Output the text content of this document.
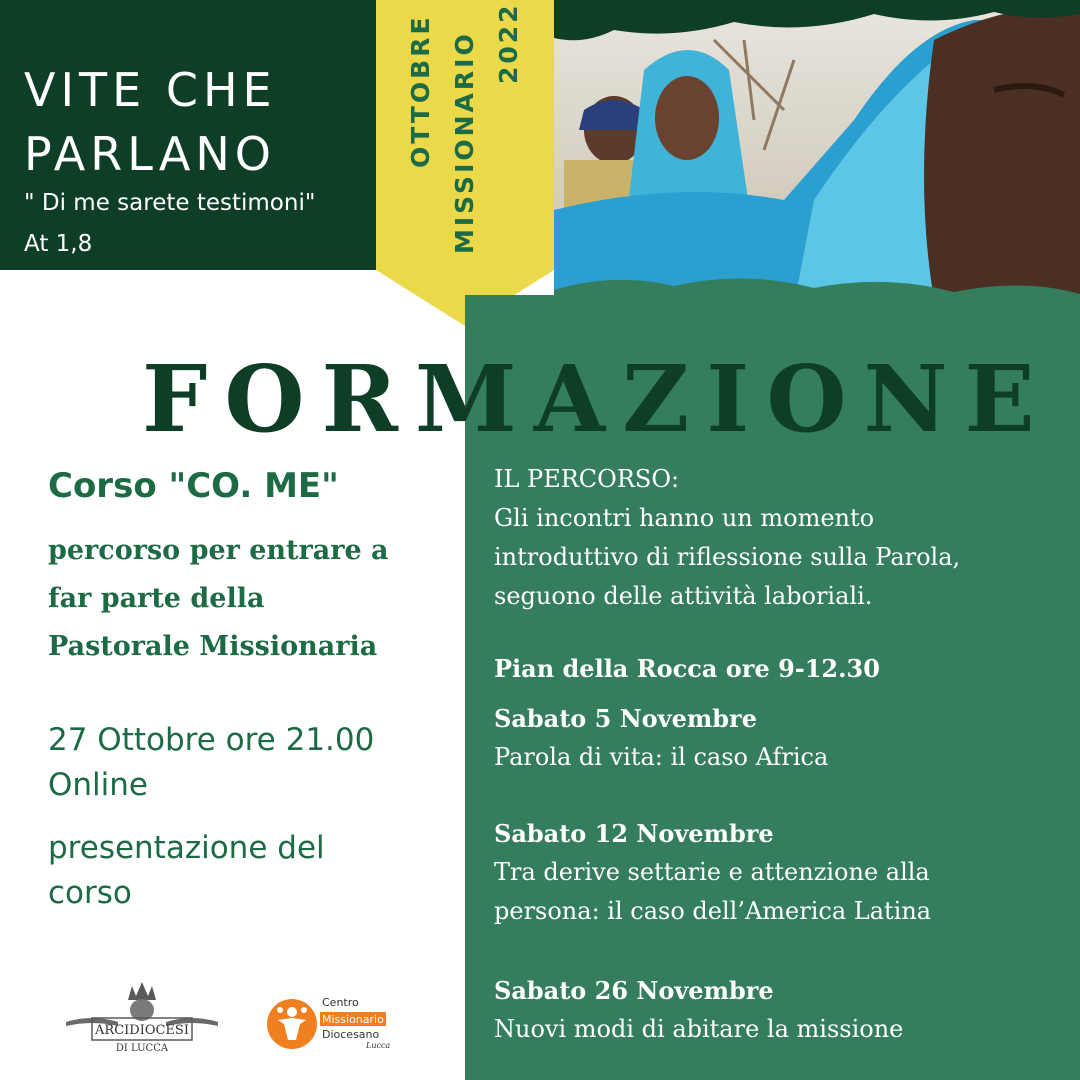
VITE CHE
PARLANO
" Di me sarete testimoni"
At 1,8
OTTOBRE MISSIONARIO 2022
FORMAZIONE
Corso "CO. ME"
percorso per entrare a
far parte della
Pastorale Missionaria
27 Ottobre ore 21.00
Online
presentazione del
corso
IL PERCORSO:
Gli incontri hanno un momento
introduttivo di riflessione sulla Parola,
seguono delle attività laboriali.
Pian della Rocca ore 9-12.30
Sabato 5 Novembre
Parola di vita: il caso Africa
Sabato 12 Novembre
Tra derive settarie e attenzione alla
persona: il caso dell’America Latina
Sabato 26 Novembre
Nuovi modi di abitare la missione
ARCIDIOCESI
DI LUCCA
Centro
Missionario
Diocesano
Lucca
